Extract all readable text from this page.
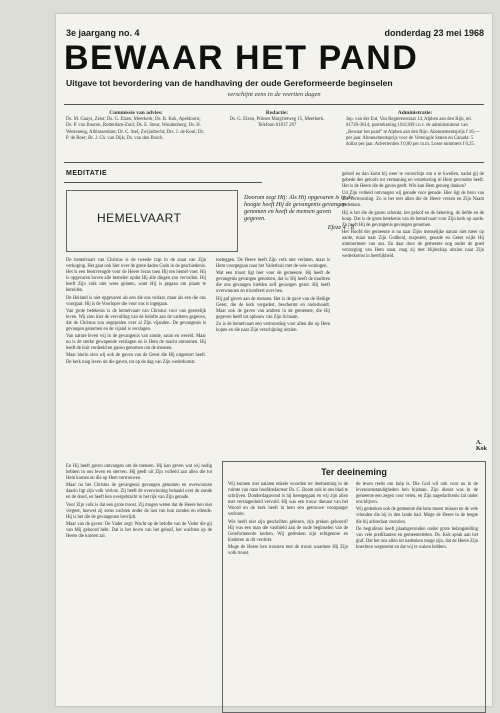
3e jaargang no. 4	donderdag 23 mei 1968
BEWAAR HET PAND
Uitgave tot bevordering van de handhaving der oude Gereformeerde beginselen
verschijnt eens in de veertien dagen
Commissie van advies:
Ds. M. Gaays, Zeist; Ds. G. Elzen, Meerkerk; Ds. R. Kok, Apeldoorn; Ds. P. van Buuren, Rotterdam-Zuid; Ds. E. Steur, Woudenberg; Ds. H. Westeneng, Alblasserdam; Dr. C. Stel, Zwijndrecht; Drs. J. de Kool; Dr. P. de Boer; Br. J. Ch. van Dijk; Ds. van den Bosch.
Redactie:
Ds. G. Elzen, Prinses Margrietweg 15, Meerkerk. Telefoon 01837 267
Administratie:
Jop. van der Ent, Van Regterenstraat 14, Alphen aan den Rijn, tel. 01720-3614, postrekening 1041309 t.n.v. de administrateur van „Bewaar het pand" te Alphen aan den Rijn. Abonnementsprijs f 10,— per jaar. Abonnementsprijs voor de Verenigde Staten en Canada: 5 dollar per jaar. Advertenties f 0,80 per m.m. Losse nummers f 0,25.
MEDITATIE
HEMELVAART
Doorom zegt Hij: Als Hij opgevaren is in de hoogte heeft Hij de gevangenis gevangen genomen en heeft de mensen gaven gegeven.
Efeze 4 : 8

De hemelvaart van Christus is de tweede trap in de staat van Zijn verhoging. Het gaat ook hier over de grote daden Gods in de geschiedenis. Het is een feestvreugde voor de Heere Jezus toen Hij ten hemel voer. Hij is opgevaren boven alle hemelen opdat Hij alle dingen zou vervullen. Hij heeft Zijn volk niet wees gelaten, want Hij is gegaan om plaats te bereiden.

De Heiland is niet opgevaren als een die ons verlaat, maar als een die ons voorgaat. Hij is de Voorloper die voor ons is ingegaan.

Van grote betekenis is de hemelvaart van Christus voor ons geestelijk leven. Wij zien hier de vervulling van de belofte aan de vaderen gegeven, dat de Christus zou zegepralen over al Zijn vijanden. De gevangenis is gevangen genomen en de vijand is verslagen.

Van nature leven wij in de gevangenis van zonde, satan en wereld. Maar nu is de sterke gewapende verslagen en is Hem de macht ontnomen. Hij heeft de buit verdeeld en gaven genomen om de mensen.

Maar hierin zien wij ook de gaven van de Geest die Hij uitgestort heeft. De kerk mag leven uit die gaven, tot op de dag van Zijn wederkomst.

toeleggen. De Heere heeft Zijn volk niet verlaten, maar is Hem voorgegaan naar het Vaderhuis met de vele woningen.

Wat een troost ligt hier voor de gemeente. Hij heeft de gevangenis gevangen genomen, dat is: Hij heeft de machten die ons gevangen hielden zelf gevangen gezet. Hij heeft overwonnen en triomfeert over hen.

Hij gaf gaven aan de mensen. Het is de gave van de Heilige Geest, die de kerk vergadert, beschermt en onderhoudt. Maar ook de gaven van ambten in de gemeente, die Hij gegeven heeft tot opbouw van Zijn lichaam.

Zo is de hemelvaart een vertroosting voor allen die op Hem hopen en die naar Zijn verschijning uitzien.

geloof en dan komt hij weer te voorschijn om u te kwellen, nadat gij de gebede des geloofs tot vermaning en verzekering in Hem gevonden heeft. Het is de Heere die de gaven geeft. Wie kan Hem genoeg danken?

Uit Zijn volheid ontvangen wij genade voor genade. Hier ligt de bron van alle vertroosting. Zo is het met allen die de Heere vrezen en Zijn Naam gedenken.

Hij is het die de gaven schenkt, het geloof en de bekering, de liefde en de hoop. Dat is de grote betekenis van de hemelvaart voor Zijn kerk op aarde. Zo heeft Hij de gevangenis gevangen genomen.

Het Hoofd der gemeente is nu naar Zijns menselijke natuur niet meer op aarde, maar naar Zijn Godheid, majesteit, genade en Geest wijkt Hij nimmermeer van ons. En daar door de gemeente nog onder de goed verzorging van Hem staat, mag zij met blijdschap uitzien naar Zijn wederkomst in heerlijkheid.

A. Kok

En Hij heeft gaven ontvangen om de mensen. Hij kan geven wat wij nodig hebben in ons leven en sterven. Hij geeft uit Zijn volheid aan allen die tot Hem komen en die op Hem vertrouwen.

Maar nu het Christus de gevangenis gevangen genomen en overwonnen daarin ligt zijn volk verlost. Zij heeft de overwinning behaald over de zonde en de dood, en heeft hen overgebracht in het rijk van Zijn genade.

Voor Zijn volk is dat een grote troost. Zij mogen weten dat de Heere hen niet vergeet, hoewel zij soms zuchten onder de last van hun zonden en ellende. Hij is het die de gevangenen bevrijdt.

Maar van de gaven: De Vader zegt: Wacht op de belofte van de Vader die gij van Mij gehoord hebt. Dat is het leven van het geloof, het wachten op de Heere die komen zal.

Ter deeineming

Wij kunnen niet nalaten enkele woorden ter deelneming in de ruimte van onze hoofdredacteur Ds. C. Boom ook in ons blad te schrijven. Donderdagavond is hij heengegaan en wij zijn allen met verslagenheid vervuld. Hij was een trouw dienaar van het Woord en de kerk heeft in hem een getrouwe voorganger verloren.

Wie heeft niet zijn geschriften gelezen, zijn preken gehoord? Hij was een man die vasthield aan de oude beginselen van de Gereformeerde kerken. Wij gedenken zijn echtgenote en kinderen in dit verdriet.

Moge de Heere hen troosten met de troost waarmee Hij Zijn volk troost.

de leven reeds om hulp is. Die God wil ook voor nu in de levensomstandigheden hen bijstaan. Zijn dienst was in de gemeente een zegen voor velen, en Zijn nagedachtenis zal onder ons blijven.

Wij gedenken ook de gemeente die hem moest missen en de vele vrienden die hij in den lande had. Moge de Heere in de leegte die hij achterlaat voorzien.

De begrafenis heeft plaatsgevonden onder grote belangstelling van vele predikanten en gemeenteleden. Ds. Kok sprak aan het graf. Dat het ons allen tot nadenken moge zijn, dat de Heere Zijn knechten wegneemt en dat wij te waken hebben.
